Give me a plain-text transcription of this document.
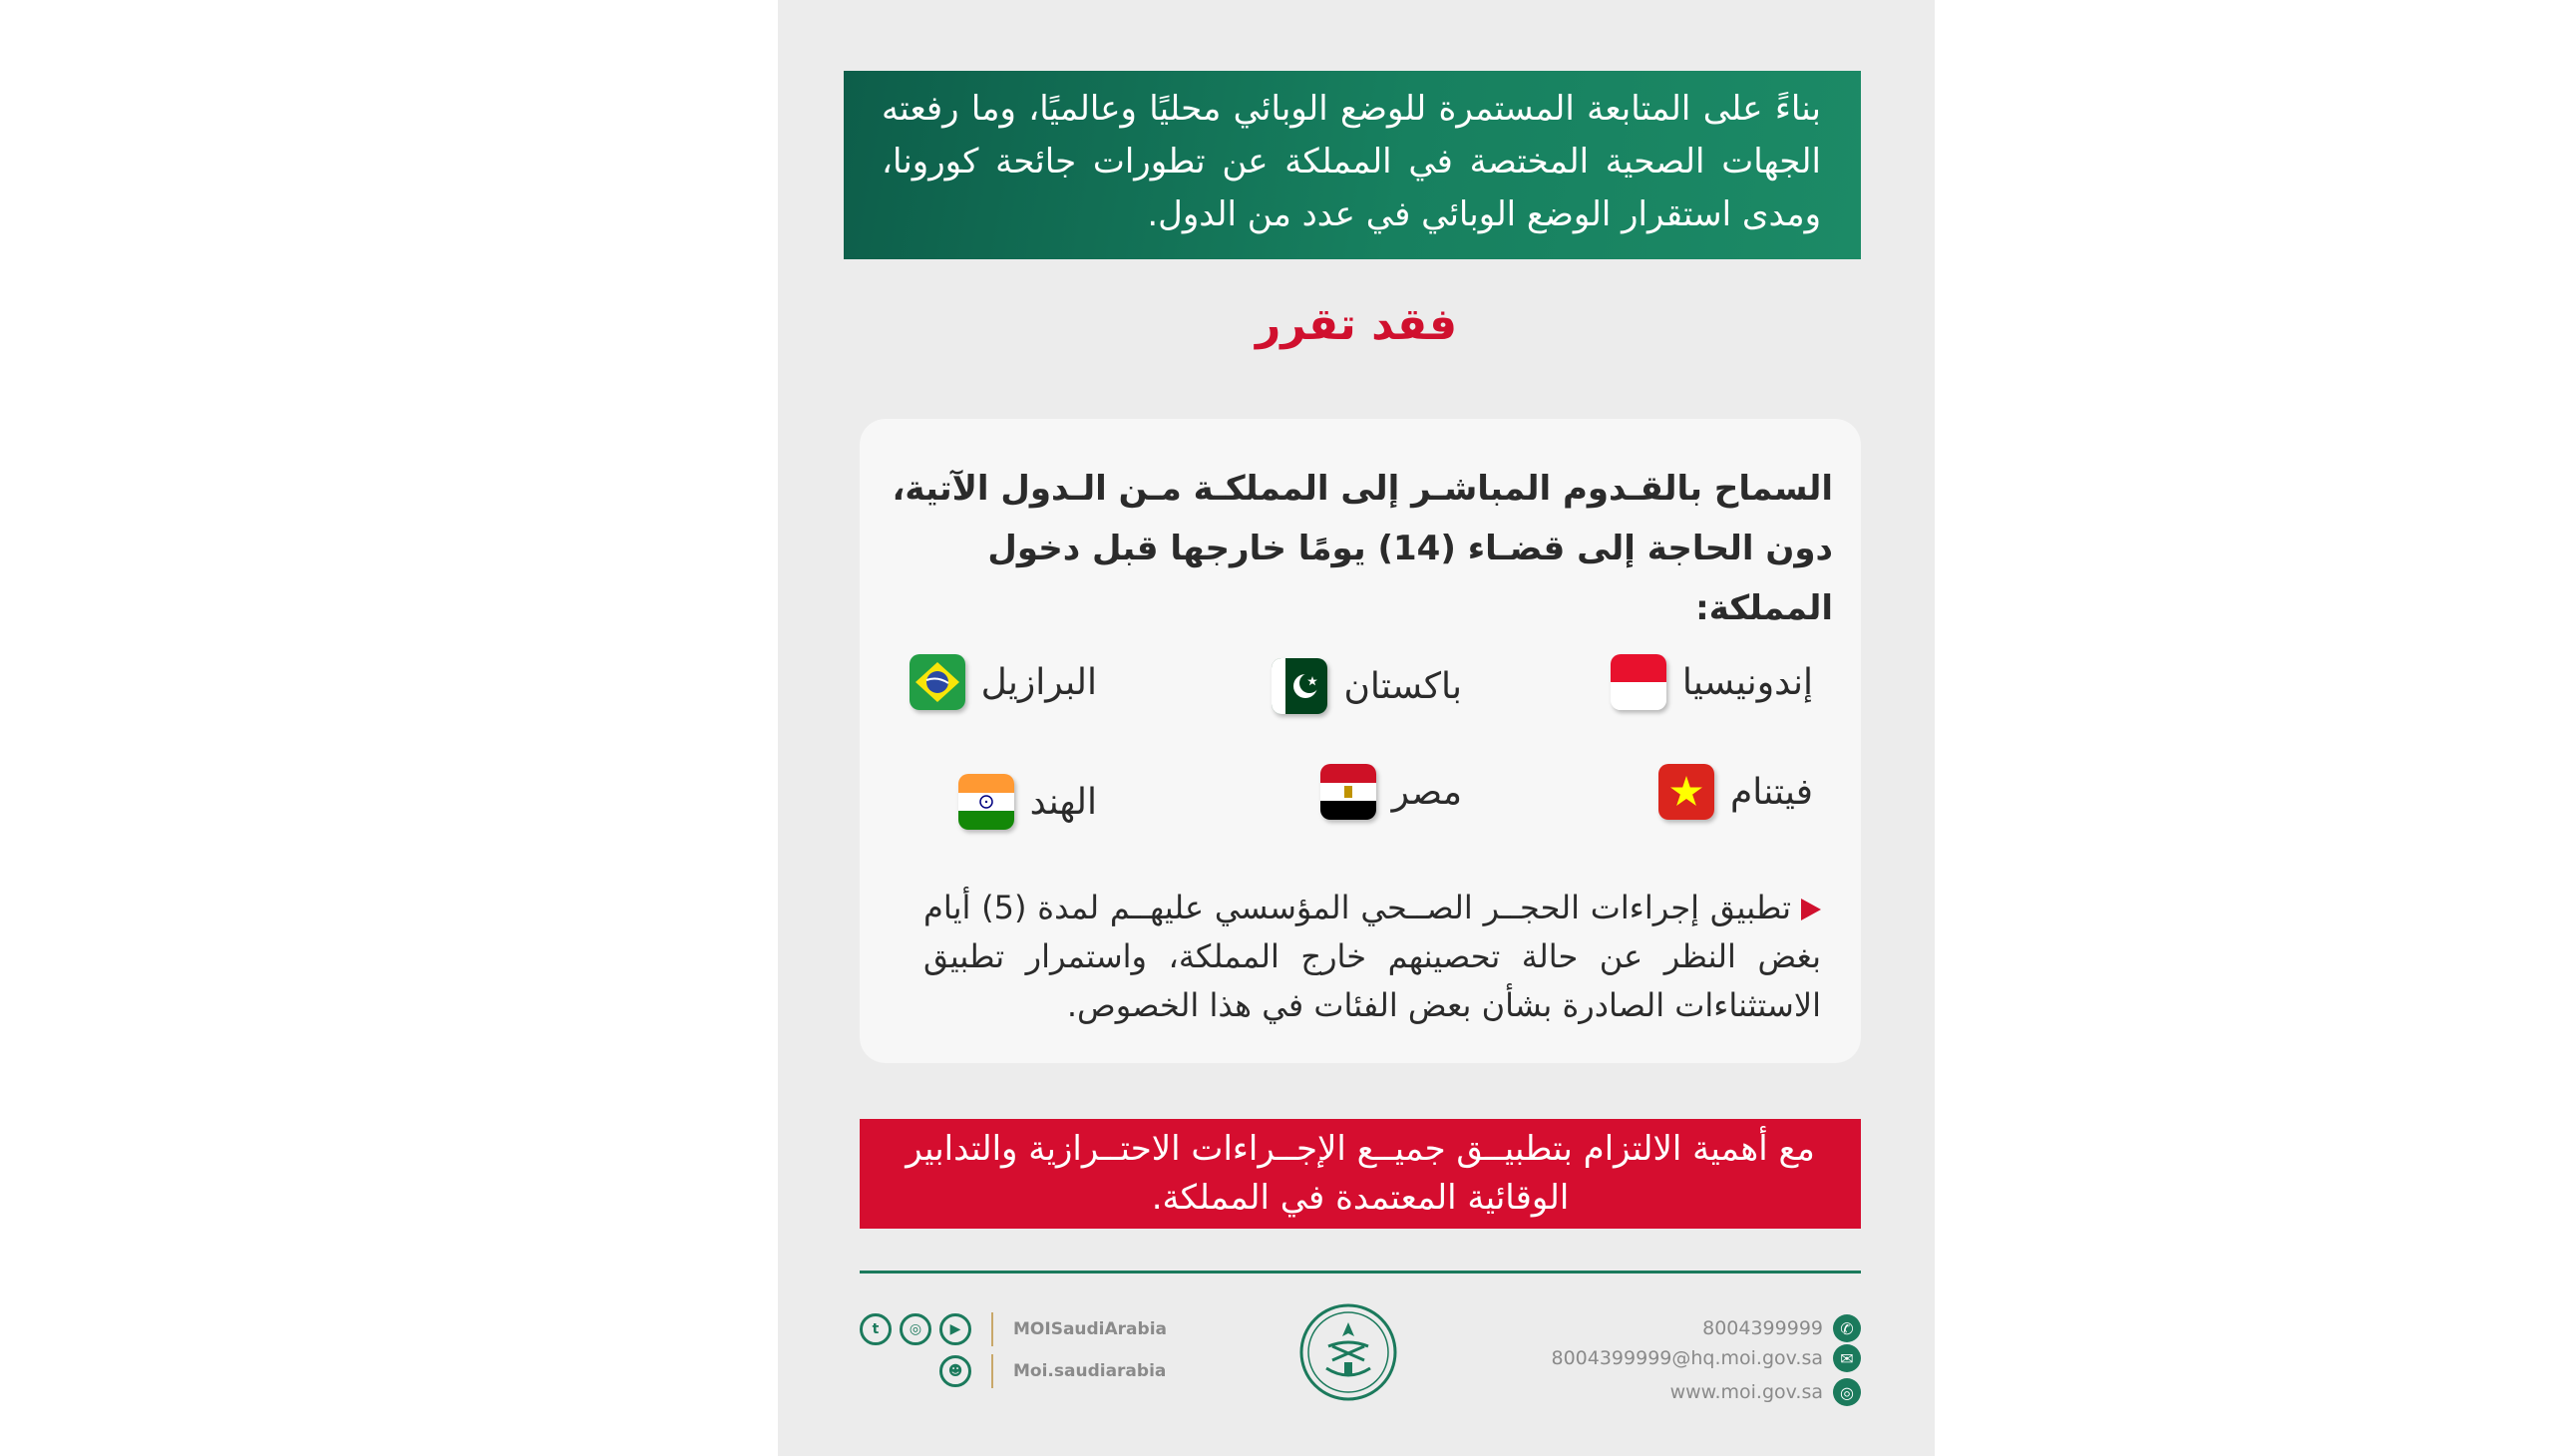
بناءً على المتابعة المستمرة للوضع الوبائي محليًا وعالميًا، وما رفعته الجهات الصحية المختصة في المملكة عن تطورات جائحة كورونا، ومدى استقرار الوضع الوبائي في عدد من الدول.
فقد تقرر
السماح بالقـدوم المباشـر إلى المملكـة مـن الـدول الآتية،
دون الحاجة إلى قضـاء (14) يومًا خارجها قبل دخول المملكة:
إندونيسيا
باكستان
البرازيل
فيتنام
مصر
الهند
تطبيق إجراءات الحجــر الصــحي المؤسسي عليهــم لمدة (5) أيام بغض النظر عن حالة تحصينهم خارج المملكة، واستمرار تطبيق الاستثناءات الصادرة بشأن بعض الفئات في هذا الخصوص.
مع أهمية الالتزام بتطبيــق جميــع الإجــراءات الاحتــرازية والتدابير
الوقائية المعتمدة في المملكة.
8004399999	✆
8004399999@hq.moi.gov.sa	✉
www.moi.gov.sa	◎
t	◎	▶	MOISaudiArabia
☻	Moi.saudiarabia
